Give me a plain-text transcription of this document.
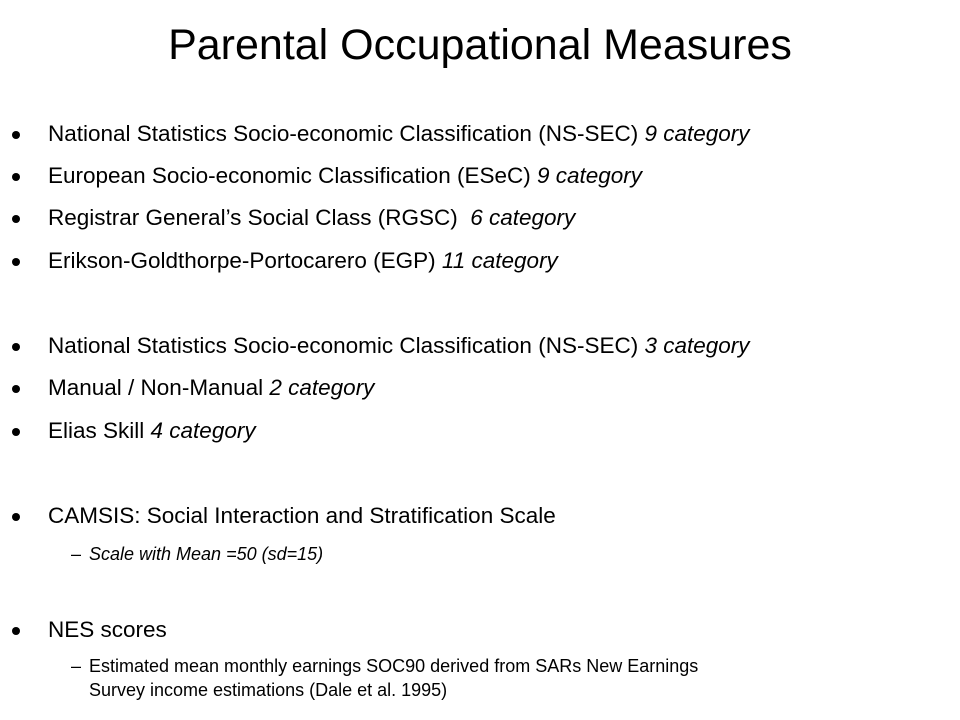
Parental Occupational Measures
National Statistics Socio-economic Classification (NS-SEC) 9 category
European Socio-economic Classification (ESeC) 9 category
Registrar General’s Social Class (RGSC)  6 category
Erikson-Goldthorpe-Portocarero (EGP) 11 category
National Statistics Socio-economic Classification (NS-SEC) 3 category
Manual / Non-Manual 2 category
Elias Skill 4 category
CAMSIS: Social Interaction and Stratification Scale
– Scale with Mean =50 (sd=15)
NES scores
– Estimated mean monthly earnings SOC90 derived from SARs New Earnings
Survey income estimations (Dale et al. 1995)
